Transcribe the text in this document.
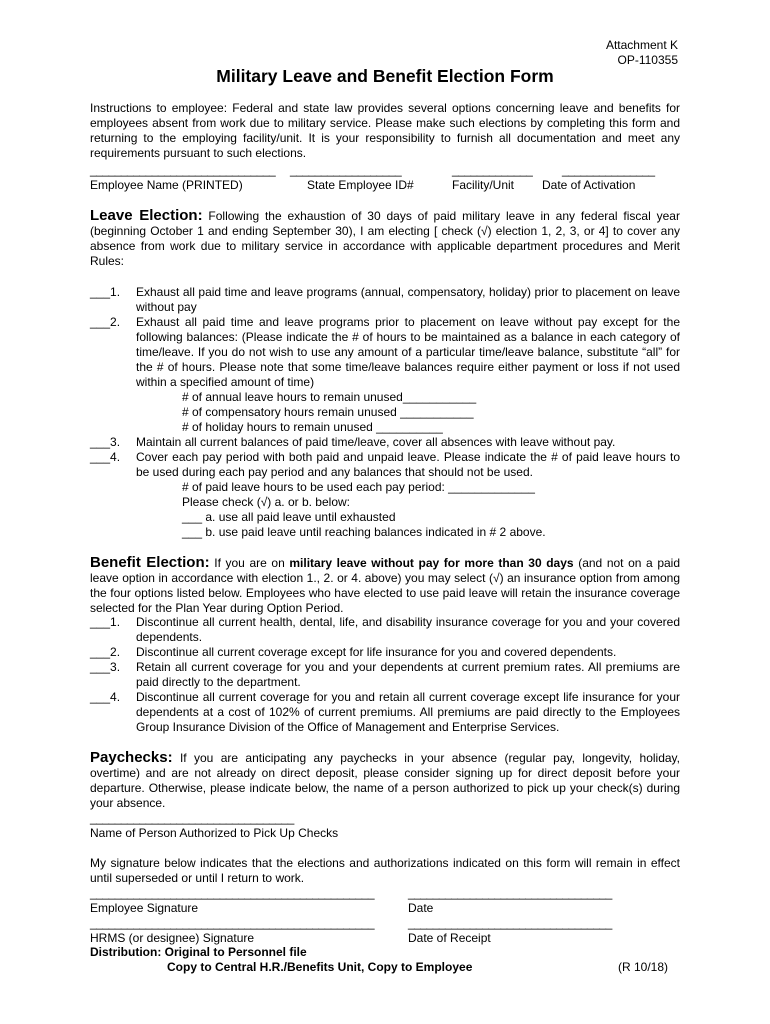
Attachment K
OP-110355
Military Leave and Benefit Election Form
Instructions to employee: Federal and state law provides several options concerning leave and benefits for employees absent from work due to military service. Please make such elections by completing this form and returning to the employing facility/unit. It is your responsibility to furnish all documentation and meet any requirements pursuant to such elections.
______________________________ __________________	_____________ _______________
Employee Name (PRINTED)	State Employee ID#	Facility/Unit Date of Activation
Leave Election: Following the exhaustion of 30 days of paid military leave in any federal fiscal year (beginning October 1 and ending September 30), I am electing [ check (√) election 1, 2, 3, or 4] to cover any absence from work due to military service in accordance with applicable department procedures and Merit Rules:
___1. Exhaust all paid time and leave programs (annual, compensatory, holiday) prior to placement on leave without pay
___2. Exhaust all paid time and leave programs prior to placement on leave without pay except for the following balances: (Please indicate the # of hours to be maintained as a balance in each category of time/leave. If you do not wish to use any amount of a particular time/leave balance, substitute “all” for the # of hours. Please note that some time/leave balances require either payment or loss if not used within a specified amount of time)
# of annual leave hours to remain unused___________
# of compensatory hours remain unused ___________
# of holiday hours to remain unused __________
___3. Maintain all current balances of paid time/leave, cover all absences with leave without pay.
___4. Cover each pay period with both paid and unpaid leave. Please indicate the # of paid leave hours to be used during each pay period and any balances that should not be used.
# of paid leave hours to be used each pay period: _____________
Please check (√) a. or b. below:
___ a. use all paid leave until exhausted
___ b. use paid leave until reaching balances indicated in # 2 above.
Benefit Election: If you are on military leave without pay for more than 30 days (and not on a paid leave option in accordance with election 1., 2. or 4. above) you may select (√) an insurance option from among the four options listed below. Employees who have elected to use paid leave will retain the insurance coverage selected for the Plan Year during Option Period.
___1. Discontinue all current health, dental, life, and disability insurance coverage for you and your covered dependents.
___2. Discontinue all current coverage except for life insurance for you and covered dependents.
___3. Retain all current coverage for you and your dependents at current premium rates. All premiums are paid directly to the department.
___4. Discontinue all current coverage for you and retain all current coverage except life insurance for your dependents at a cost of 102% of current premiums. All premiums are paid directly to the Employees Group Insurance Division of the Office of Management and Enterprise Services.
Paychecks: If you are anticipating any paychecks in your absence (regular pay, longevity, holiday, overtime) and are not already on direct deposit, please consider signing up for direct deposit before your departure. Otherwise, please indicate below, the name of a person authorized to pick up your check(s) during your absence.
_________________________________
Name of Person Authorized to Pick Up Checks
My signature below indicates that the elections and authorizations indicated on this form will remain in effect until superseded or until I return to work.
______________________________________________	_________________________________
Employee Signature	Date
______________________________________________	_________________________________
HRMS (or designee) Signature	Date of Receipt
Distribution: Original to Personnel file
Copy to Central H.R./Benefits Unit, Copy to Employee	(R 10/18)
